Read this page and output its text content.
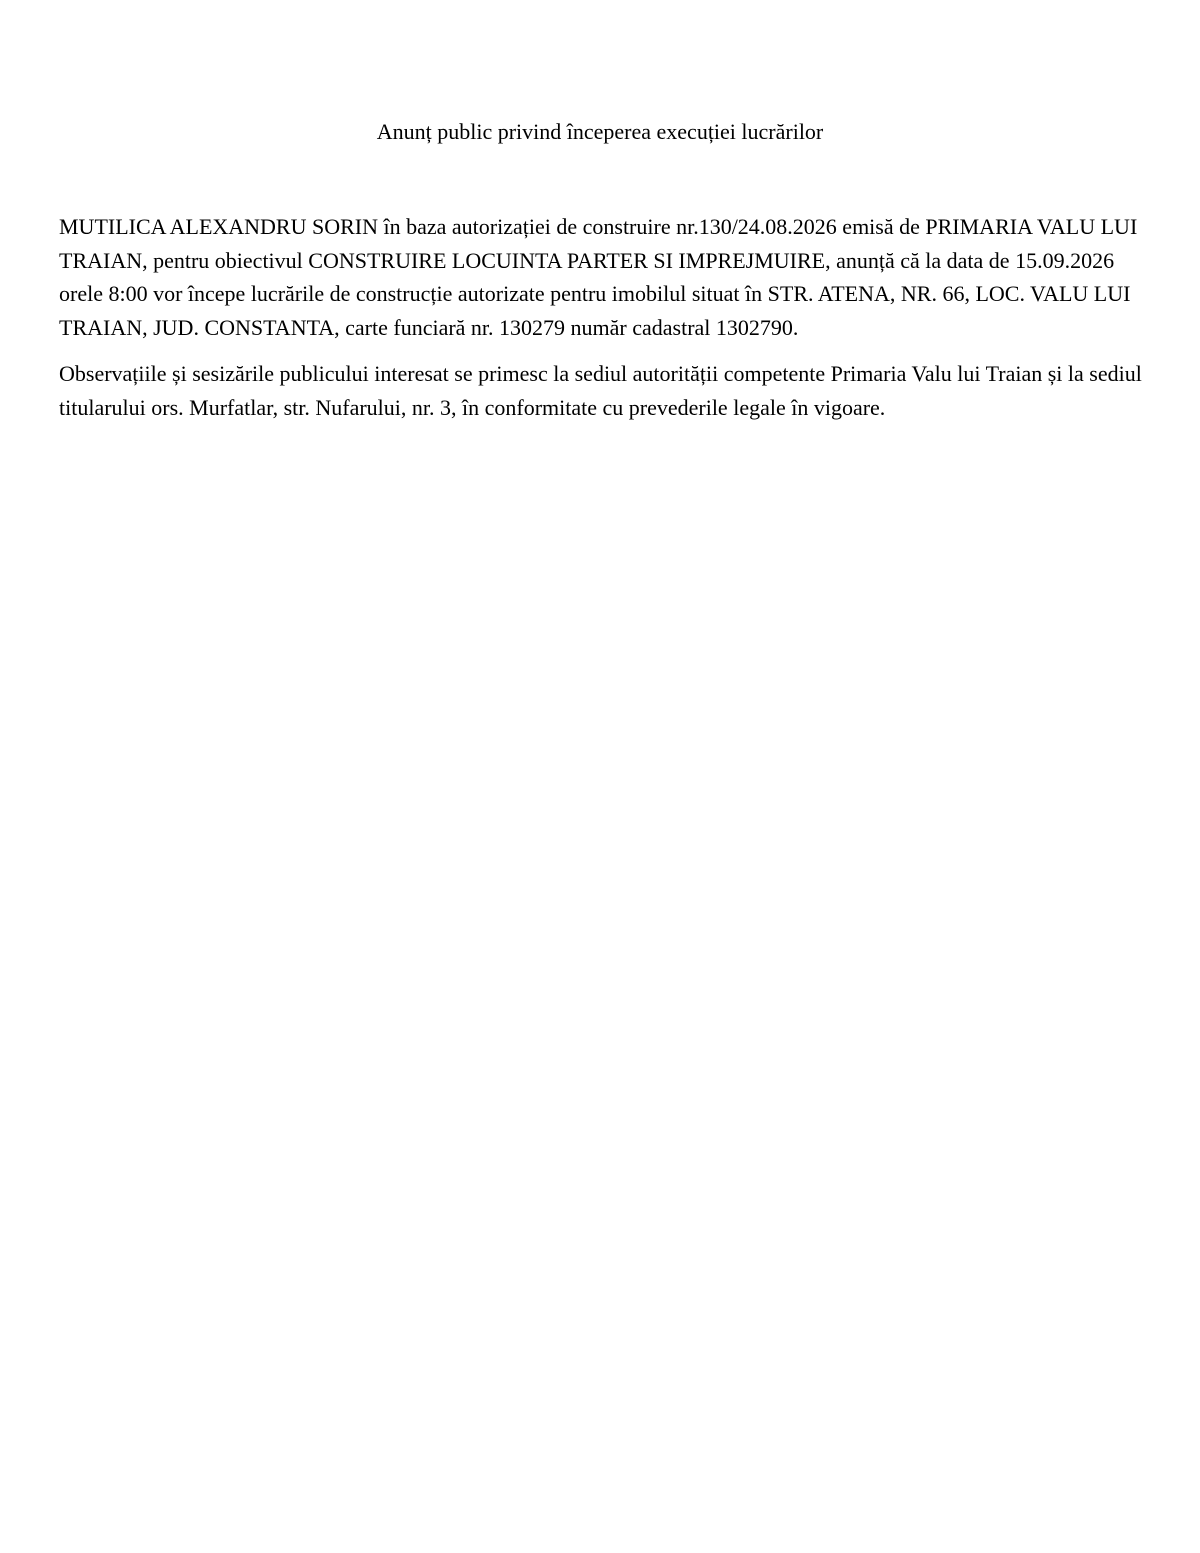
Anunț public privind începerea execuției lucrărilor

MUTILICA ALEXANDRU SORIN în baza autorizației de construire nr.130/24.08.2026 emisă de PRIMARIA VALU LUI TRAIAN, pentru obiectivul CONSTRUIRE LOCUINTA PARTER SI IMPREJMUIRE, anunță că la data de 15.09.2026 orele 8:00 vor începe lucrările de construcție autorizate pentru imobilul situat în STR. ATENA, NR. 66, LOC. VALU LUI TRAIAN, JUD. CONSTANTA, carte funciară nr. 130279 număr cadastral 1302790.

Observațiile și sesizările publicului interesat se primesc la sediul autorității competente Primaria Valu lui Traian și la sediul titularului ors. Murfatlar, str. Nufarului, nr. 3, în conformitate cu prevederile legale în vigoare.
